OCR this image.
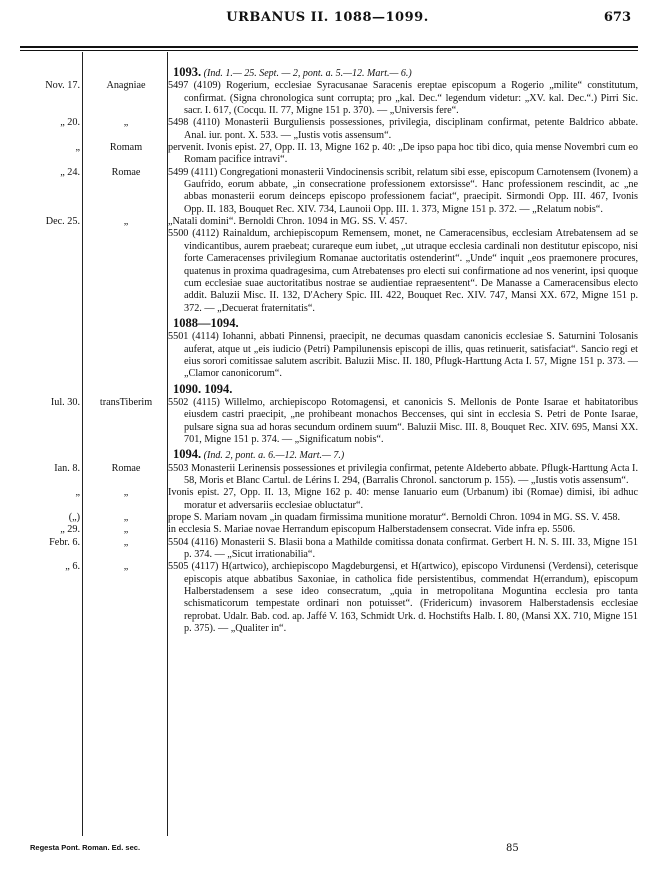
URBANUS II. 1088—1099.	673
1093. (Ind. 1.— 25. Sept. — 2, pont. a. 5.—12. Mart.— 6.)
Nov. 17.	Anagniae	5497 (4109) Rogerium, ecclesiae Syracusanae Saracenis ereptae episcopum a Rogerio „milite“ constitutum, confirmat. (Signa chronologica sunt corrupta; pro „kal. Dec.“ legendum videtur: „XV. kal. Dec.“.) Pirri Sic. sacr. I. 617, (Cocqu. II. 77, Migne 151 p. 370). — „Universis fere“.
„ 20.	„	5498 (4110) Monasterii Burguliensis possessiones, privilegia, disciplinam confirmat, petente Baldrico abbate. Anal. iur. pont. X. 533. — „Iustis votis assensum“.
„	Romam	pervenit. Ivonis epist. 27, Opp. II. 13, Migne 162 p. 40: „De ipso papa hoc tibi dico, quia mense Novembri cum eo Romam pacifice intravi“.
„ 24.	Romae	5499 (4111) Congregationi monasterii Vindocinensis scribit, relatum sibi esse, episcopum Carnotensem (Ivonem) a Gaufrido, eorum abbate, „in consecratione professionem extorsisse“. Hanc professionem rescindit, ac „ne abbas monasterii eorum deinceps episcopo professionem faciat“, praecipit. Sirmondi Opp. III. 467, Ivonis Opp. II. 183, Bouquet Rec. XIV. 734, Launoii Opp. III. 1. 373, Migne 151 p. 372. — „Relatum nobis“.
Dec. 25.	„	„Natali domini“. Bernoldi Chron. 1094 in MG. SS. V. 457.
5500 (4112) Rainaldum, archiepiscopum Remensem, monet, ne Cameracensibus, ecclesiam Atrebatensem ad se vindicantibus, aurem praebeat; curareque eum iubet, „ut utraque ecclesia cardinali non destitutur episcopo, nisi forte Cameracenses privilegium Romanae auctoritatis ostenderint“. „Unde“ inquit „eos praemonere procures, quatenus in proxima quadragesima, cum Atrebatenses pro electi sui confirmatione ad nos venerint, ipsi quoque cum ecclesiae suae auctoritatibus nostrae se audientiae repraesentent“. De Manasse a Cameracensibus electo addit. Baluzii Misc. II. 132, D'Achery Spic. III. 422, Bouquet Rec. XIV. 747, Mansi XX. 672, Migne 151 p. 372. — „Decuerat fraternitatis“.
1088—1094.
5501 (4114) Iohanni, abbati Pinnensi, praecipit, ne decumas quasdam canonicis ecclesiae S. Saturnini Tolosanis auferat, atque ut „eis iudicio (Petri) Pampilunensis episcopi de illis, quas retinuerit, satisfaciat“. Sancio regi et eius sorori comitissae salutem ascribit. Baluzii Misc. II. 180, Pflugk-Harttung Acta I. 57, Migne 151 p. 373. — „Clamor canonicorum“.
1090. 1094.
Iul. 30.	transTiberim	5502 (4115) Willelmo, archiepiscopo Rotomagensi, et canonicis S. Mellonis de Ponte Isarae et habitatoribus eiusdem castri praecipit, „ne prohibeant monachos Beccenses, qui sint in ecclesia S. Petri de Ponte Isarae, pulsare signa sua ad horas secundum ordinem suum“. Baluzii Misc. III. 8, Bouquet Rec. XIV. 695, Mansi XX. 701, Migne 151 p. 374. — „Significatum nobis“.
1094. (Ind. 2, pont. a. 6.—12. Mart.— 7.)
Ian. 8.	Romae	5503 Monasterii Lerinensis possessiones et privilegia confirmat, petente Aldeberto abbate. Pflugk-Harttung Acta I. 58, Moris et Blanc Cartul. de Lérins I. 294, (Barralis Chronol. sanctorum p. 155). — „Iustis votis assensum“.
„	„	Ivonis epist. 27, Opp. II. 13, Migne 162 p. 40: mense Ianuario eum (Urbanum) ibi (Romae) dimisi, ibi adhuc moratur et adversariis ecclesiae obluctatur“.
(„)	„	prope S. Mariam novam „in quadam firmissima munitione moratur“. Bernoldi Chron. 1094 in MG. SS. V. 458.
„ 29.	„	in ecclesia S. Mariae novae Herrandum episcopum Halberstadensem consecrat. Vide infra ep. 5506.
Febr. 6.	„	5504 (4116) Monasterii S. Blasii bona a Mathilde comitissa donata confirmat. Gerbert H. N. S. III. 33, Migne 151 p. 374. — „Sicut irrationabilia“.
„ 6.	„	5505 (4117) H(artwico), archiepiscopo Magdeburgensi, et H(artwico), episcopo Virdunensi (Verdensi), ceterisque episcopis atque abbatibus Saxoniae, in catholica fide persistentibus, commendat H(errandum), episcopum Halberstadensem a sese ideo consecratum, „quia in metropolitana Moguntina ecclesia pro tanta schismaticorum tempestate ordinari non potuisset“. (Fridericum) invasorem Halberstadensis ecclesiae reprobat. Udalr. Bab. cod. ap. Jaffé V. 163, Schmidt Urk. d. Hochstifts Halb. I. 80, (Mansi XX. 710, Migne 151 p. 375). — „Qualiter in“.
Regesta Pont. Roman. Ed. sec.	85
